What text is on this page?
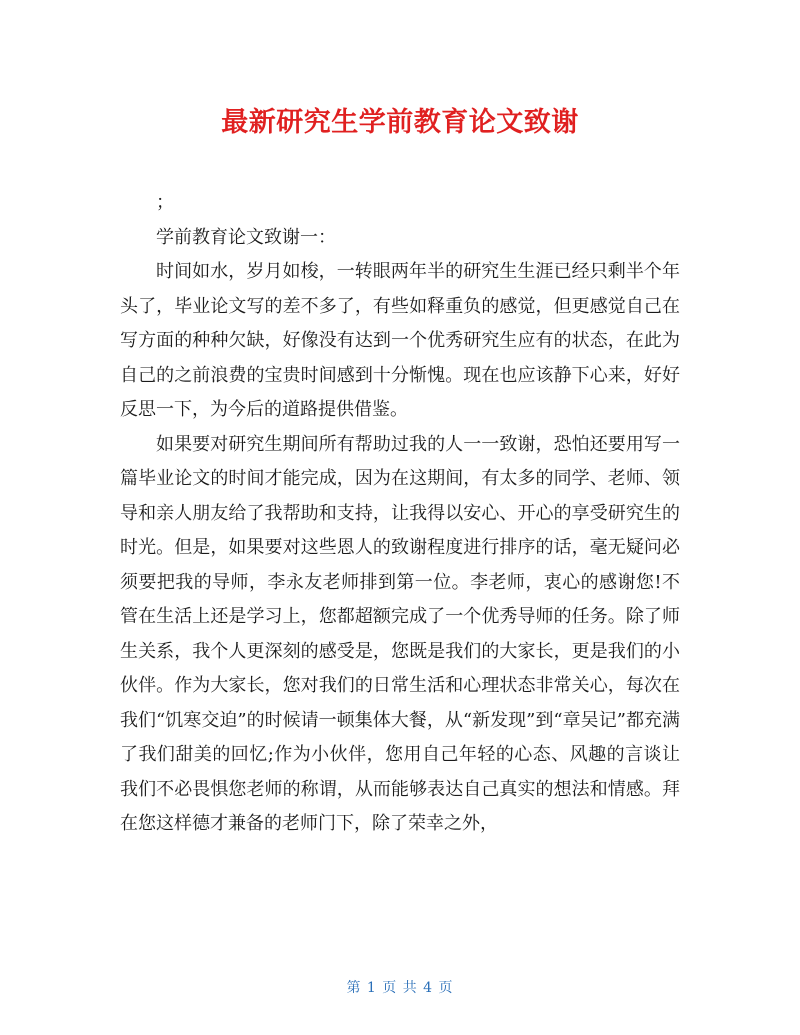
最新研究生学前教育论文致谢

；

学前教育论文致谢一：

时间如水，岁月如梭，一转眼两年半的研究生生涯已经只剩半个年头了，毕业论文写的差不多了，有些如释重负的感觉，但更感觉自己在写方面的种种欠缺，好像没有达到一个优秀研究生应有的状态，在此为自己的之前浪费的宝贵时间感到十分惭愧。现在也应该静下心来，好好反思一下，为今后的道路提供借鉴。

如果要对研究生期间所有帮助过我的人一一致谢，恐怕还要用写一篇毕业论文的时间才能完成，因为在这期间，有太多的同学、老师、领导和亲人朋友给了我帮助和支持，让我得以安心、开心的享受研究生的时光。但是，如果要对这些恩人的致谢程度进行排序的话，毫无疑问必须要把我的导师，李永友老师排到第一位。李老师，衷心的感谢您!不管在生活上还是学习上，您都超额完成了一个优秀导师的任务。除了师生关系，我个人更深刻的感受是，您既是我们的大家长，更是我们的小伙伴。作为大家长，您对我们的日常生活和心理状态非常关心，每次在我们“饥寒交迫”的时候请一顿集体大餐，从“新发现”到“章吴记”都充满了我们甜美的回忆;作为小伙伴，您用自己年轻的心态、风趣的言谈让我们不必畏惧您老师的称谓，从而能够表达自己真实的想法和情感。拜在您这样德才兼备的老师门下，除了荣幸之外，

第 1 页 共 4 页
